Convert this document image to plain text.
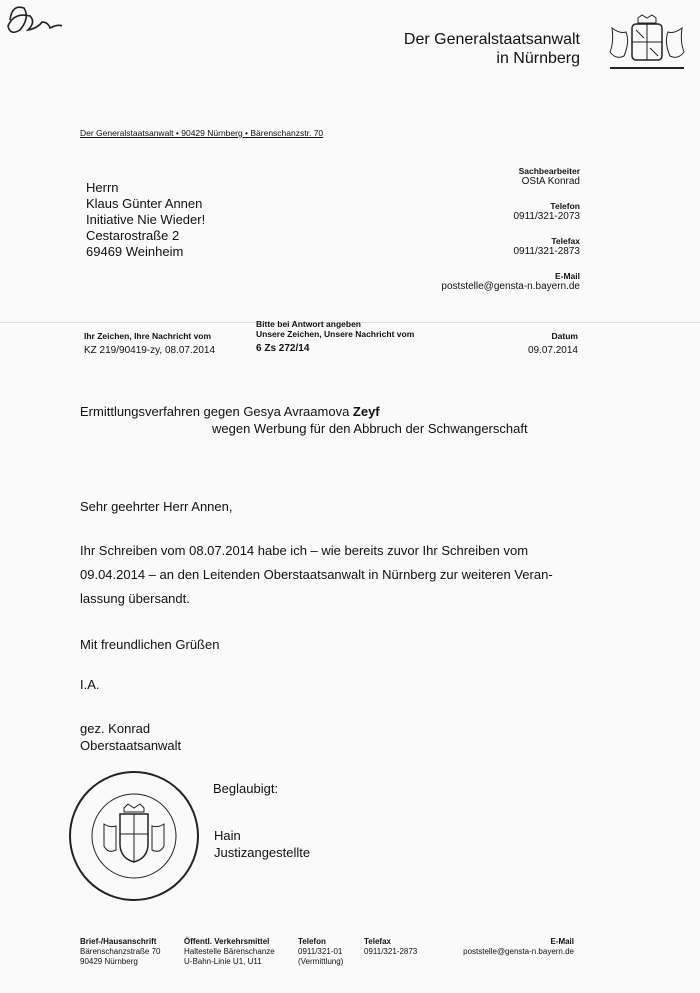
Der Generalstaatsanwalt
in Nürnberg
Der Generalstaatsanwalt • 90429 Nürnberg • Bärenschanzstr. 70
Herrn
Klaus Günter Annen
Initiative Nie Wieder!
Cestarostraße 2
69469 Weinheim
Sachbearbeiter
OStA Konrad
Telefon
0911/321-2073
Telefax
0911/321-2873
E-Mail
poststelle@gensta-n.bayern.de
Ihr Zeichen, Ihre Nachricht vom
KZ 219/90419-zy, 08.07.2014
Bitte bei Antwort angeben
Unsere Zeichen, Unsere Nachricht vom
6 Zs 272/14
Datum
09.07.2014
Ermittlungsverfahren gegen Gesya Avraamova Zeyf
wegen Werbung für den Abbruch der Schwangerschaft
Sehr geehrter Herr Annen,
Ihr Schreiben vom 08.07.2014 habe ich – wie bereits zuvor Ihr Schreiben vom
09.04.2014 – an den Leitenden Oberstaatsanwalt in Nürnberg zur weiteren Veran-
lassung übersandt.
Mit freundlichen Grüßen
I.A.
gez. Konrad
Oberstaatsanwalt
Beglaubigt:
Hain
Justizangestellte
Brief-/Hausanschrift
Bärenschanzstraße 70
90429 Nürnberg
Öffentl. Verkehrsmittel
Haltestelle Bärenschanze
U-Bahn-Linie U1, U11
Telefon
0911/321-01
(Vermittlung)
Telefax
0911/321-2873
E-Mail
poststelle@gensta-n.bayern.de
